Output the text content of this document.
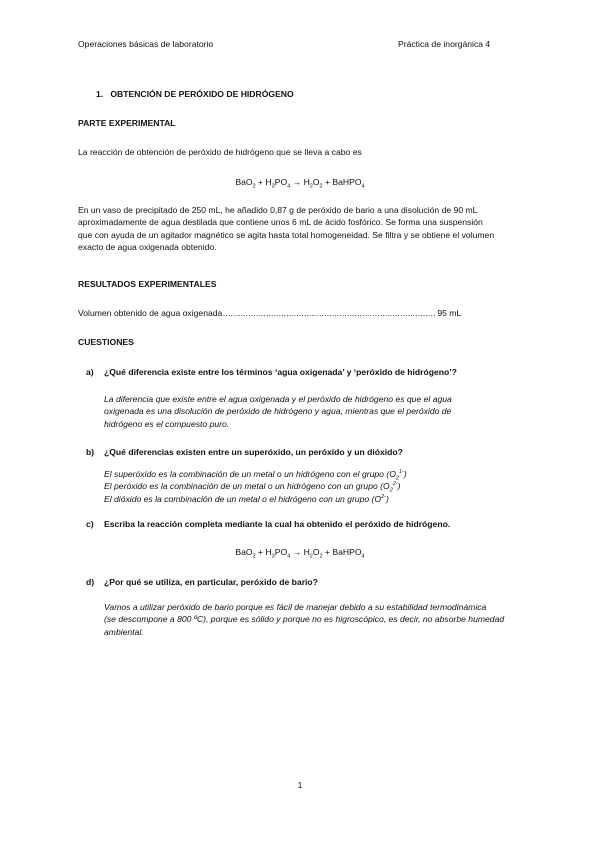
Operaciones básicas de laboratorio	Práctica de inorgánica 4
1. OBTENCIÓN DE PERÓXIDO DE HIDRÓGENO
PARTE EXPERIMENTAL
La reacción de obtención de peróxido de hidrógeno que se lleva a cabo es
$BaO_2 + H_3PO_4 \to H_2O_2$ + BaHPO$_4$
En un vaso de precipitado de 250 mL, he añadido 0,87 g de peróxido de bario a una disolución de 90 mL
aproximadamente de agua destilada que contiene unos 6 mL de ácido fosfórico. Se forma una suspensión
que con ayuda de un agitador magnético se agita hasta total homogeneidad. Se filtra y se obtiene el volumen
exacto de agua oxigenada obtenido.
RESULTADOS EXPERIMENTALES
Volumen obtenido de agua oxigenada………………………………………………………………………… 95 mL
CUESTIONES
a) ¿Qué diferencia existe entre los términos ‘agua oxigenada’ y ‘peróxido de hidrógeno’?
La diferencia que existe entre el agua oxigenada y el peróxido de hidrógeno es que el agua
oxigenada es una disolución de peróxido de hidrógeno y agua, mientras que el peróxido de
hidrógeno es el compuesto puro.
b) ¿Qué diferencias existen entre un superóxido, un peróxido y un dióxido?
El superóxido es la combinación de un metal o un hidrógeno con el grupo $(O_2^{1-})$
El peróxido es la combinación de un metal o un hidrógeno con un grupo $(O_2^{2-})$
El dióxido es la combinación de un metal o el hidrógeno con un grupo $(O^{2-})$
c) Escriba la reacción completa mediante la cual ha obtenido el peróxido de hidrógeno.
$BaO_2 + H_3PO_4 \to H_2O_2$ + BaHPO$_4$
d) ¿Por qué se utiliza, en particular, peróxido de bario?
Vamos a utilizar peróxido de bario porque es fácil de manejar debido a su estabilidad termodinámica
(se descompone a 800 ºC), porque es sólido y porque no es higroscópico, es decir, no absorbe humedad
ambiental.
1
